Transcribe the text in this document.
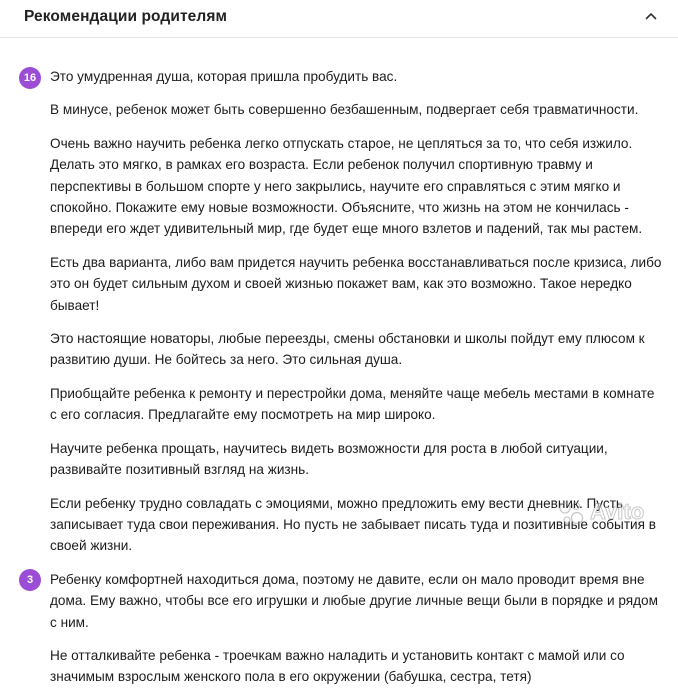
Рекомендации родителям
16	Это умудренная душа, которая пришла пробудить вас.

В минусе, ребенок может быть совершенно безбашенным, подвергает себя травматичности.

Очень важно научить ребенка легко отпускать старое, не цепляться за то, что себя изжило. Делать это мягко, в рамках его возраста. Если ребенок получил спортивную травму и перспективы в большом спорте у него закрылись, научите его справляться с этим мягко и спокойно. Покажите ему новые возможности. Объясните, что жизнь на этом не кончилась - впереди его ждет удивительный мир, где будет еще много взлетов и падений, так мы растем.

Есть два варианта, либо вам придется научить ребенка восстанавливаться после кризиса, либо это он будет сильным духом и своей жизнью покажет вам, как это возможно. Такое нередко бывает!

Это настоящие новаторы, любые переезды, смены обстановки и школы пойдут ему плюсом к развитию души. Не бойтесь за него. Это сильная душа.

Приобщайте ребенка к ремонту и перестройки дома, меняйте чаще мебель местами в комнате с его согласия. Предлагайте ему посмотреть на мир широко.

Научите ребенка прощать, научитесь видеть возможности для роста в любой ситуации, развивайте позитивный взгляд на жизнь.

Если ребенку трудно совладать с эмоциями, можно предложить ему вести дневник. Пусть записывает туда свои переживания. Но пусть не забывает писать туда и позитивные события в своей жизни.

3	Ребенку комфортней находиться дома, поэтому не давите, если он мало проводит время вне дома. Ему важно, чтобы все его игрушки и любые другие личные вещи были в порядке и рядом с ним.

Не отталкивайте ребенка - троечкам важно наладить и установить контакт с мамой или со значимым взрослым женского пола в его окружении (бабушка, сестра, тетя)

Avito
